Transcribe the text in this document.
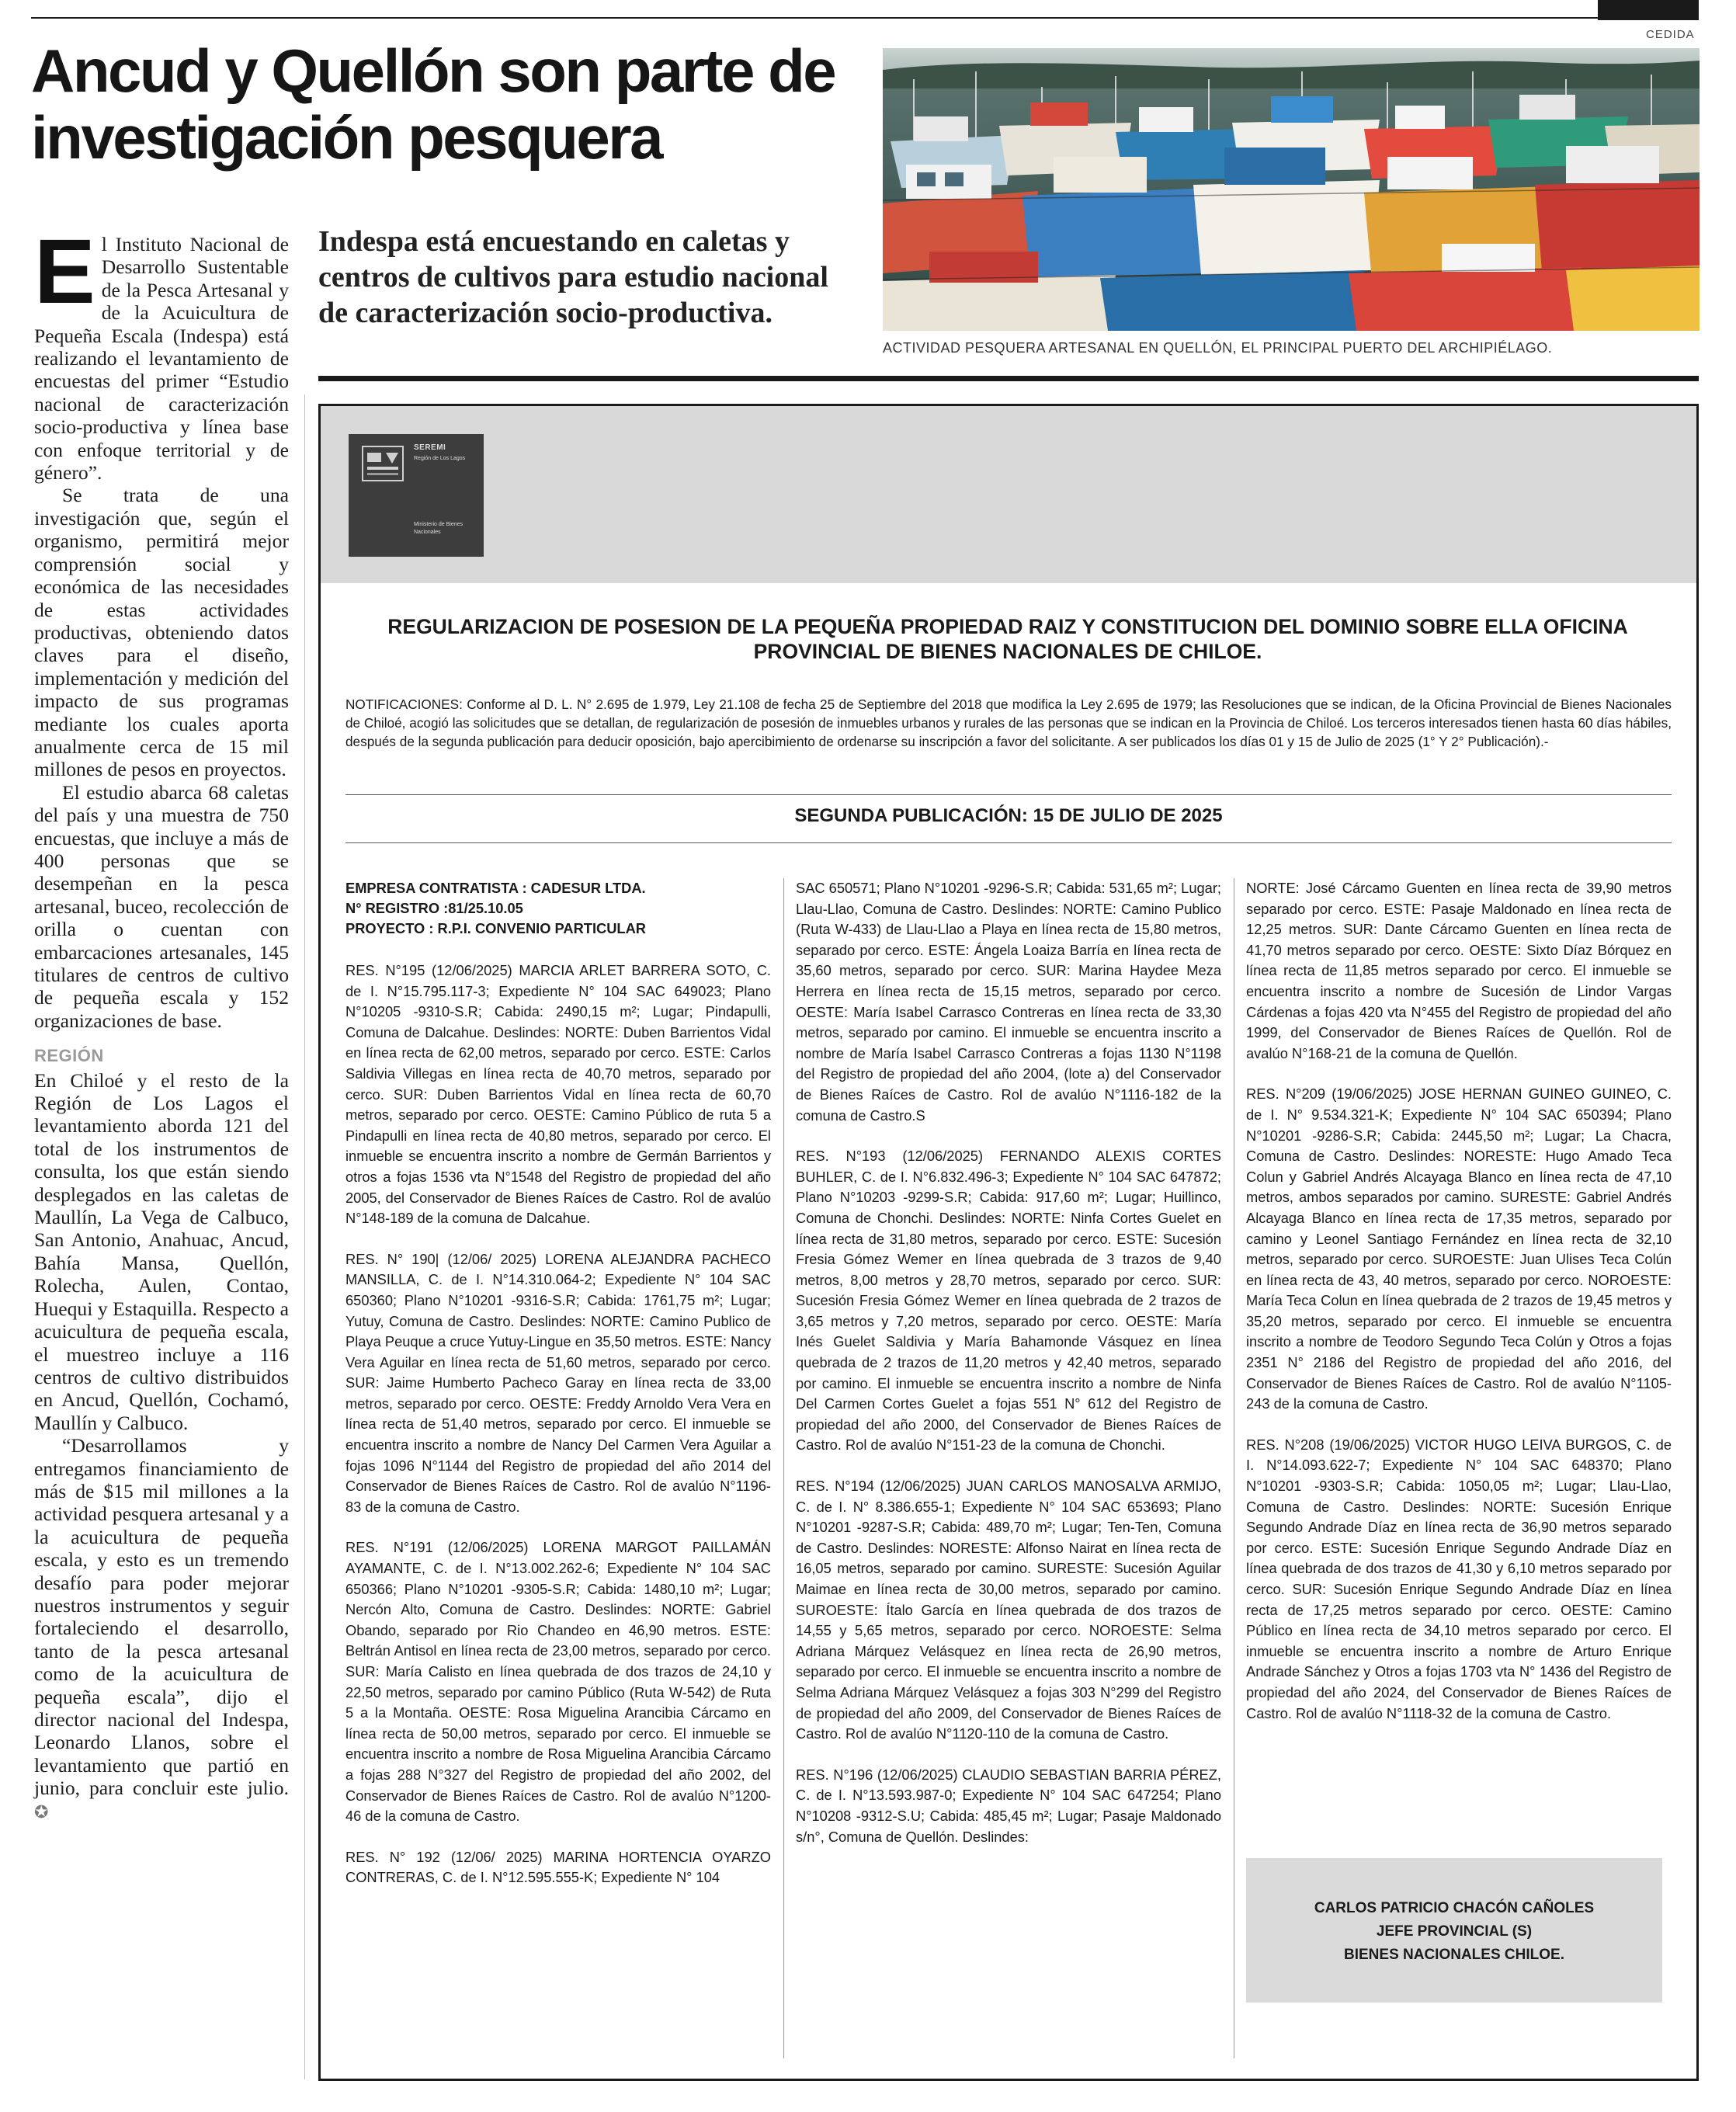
CEDIDA
Ancud y Quellón son parte de investigación pesquera
ACTIVIDAD PESQUERA ARTESANAL EN QUELLÓN, EL PRINCIPAL PUERTO DEL ARCHIPIÉLAGO.
Indespa está encuestando en caletas y centros de cultivos para estudio nacional de caracterización socio-productiva.

El Instituto Nacional de Desarrollo Sustentable de la Pesca Artesanal y de la Acuicultura de Pequeña Escala (Indespa) está realizando el levantamiento de encuestas del primer “Estudio nacional de caracterización socio-productiva y línea base con enfoque territorial y de género”.

Se trata de una investigación que, según el organismo, permitirá mejor comprensión social y económica de las necesidades de estas actividades productivas, obteniendo datos claves para el diseño, implementación y medición del impacto de sus programas mediante los cuales aporta anualmente cerca de 15 mil millones de pesos en proyectos.

El estudio abarca 68 caletas del país y una muestra de 750 encuestas, que incluye a más de 400 personas que se desempeñan en la pesca artesanal, buceo, recolección de orilla o cuentan con embarcaciones artesanales, 145 titulares de centros de cultivo de pequeña escala y 152 organizaciones de base.

REGIÓN

En Chiloé y el resto de la Región de Los Lagos el levantamiento aborda 121 del total de los instrumentos de consulta, los que están siendo desplegados en las caletas de Maullín, La Vega de Calbuco, San Antonio, Anahuac, Ancud, Bahía Mansa, Quellón, Rolecha, Aulen, Contao, Huequi y Estaquilla. Respecto a acuicultura de pequeña escala, el muestreo incluye a 116 centros de cultivo distribuidos en Ancud, Quellón, Cochamó, Maullín y Calbuco.

“Desarrollamos y entregamos financiamiento de más de $15 mil millones a la actividad pesquera artesanal y a la acuicultura de pequeña escala, y esto es un tremendo desafío para poder mejorar nuestros instrumentos y seguir fortaleciendo el desarrollo, tanto de la pesca artesanal como de la acuicultura de pequeña escala”, dijo el director nacional del Indespa, Leonardo Llanos, sobre el levantamiento que partió en junio, para concluir este julio. ✪

SEREMI
Región de Los Lagos
Ministerio de Bienes Nacionales
REGULARIZACION DE POSESION DE LA PEQUEÑA PROPIEDAD RAIZ Y CONSTITUCION DEL DOMINIO SOBRE ELLA OFICINA PROVINCIAL DE BIENES NACIONALES DE CHILOE.
NOTIFICACIONES: Conforme al D. L. N° 2.695 de 1.979, Ley 21.108 de fecha 25 de Septiembre del 2018 que modifica la Ley 2.695 de 1979; las Resoluciones que se indican, de la Oficina Provincial de Bienes Nacionales de Chiloé, acogió las solicitudes que se detallan, de regularización de posesión de inmuebles urbanos y rurales de las personas que se indican en la Provincia de Chiloé. Los terceros interesados tienen hasta 60 días hábiles, después de la segunda publicación para deducir oposición, bajo apercibimiento de ordenarse su inscripción a favor del solicitante. A ser publicados los días 01 y 15 de Julio de 2025 (1° Y 2° Publicación).-
SEGUNDA PUBLICACIÓN: 15 DE JULIO DE 2025
EMPRESA CONTRATISTA : CADESUR LTDA.
N° REGISTRO :81/25.10.05
PROYECTO : R.P.I. CONVENIO PARTICULAR

RES. N°195 (12/06/2025) MARCIA ARLET BARRERA SOTO, C. de I. N°15.795.117-3; Expediente N° 104 SAC 649023; Plano N°10205 -9310-S.R; Cabida: 2490,15 m²; Lugar; Pindapulli, Comuna de Dalcahue. Deslindes: NORTE: Duben Barrientos Vidal en línea recta de 62,00 metros, separado por cerco. ESTE: Carlos Saldivia Villegas en línea recta de 40,70 metros, separado por cerco. SUR: Duben Barrientos Vidal en línea recta de 60,70 metros, separado por cerco. OESTE: Camino Público de ruta 5 a Pindapulli en línea recta de 40,80 metros, separado por cerco. El inmueble se encuentra inscrito a nombre de Germán Barrientos y otros a fojas 1536 vta N°1548 del Registro de propiedad del año 2005, del Conservador de Bienes Raíces de Castro. Rol de avalúo N°148-189 de la comuna de Dalcahue.

RES. N° 190| (12/06/ 2025) LORENA ALEJANDRA PACHECO MANSILLA, C. de I. N°14.310.064-2; Expediente N° 104 SAC 650360; Plano N°10201 -9316-S.R; Cabida: 1761,75 m²; Lugar; Yutuy, Comuna de Castro. Deslindes: NORTE: Camino Publico de Playa Peuque a cruce Yutuy-Lingue en 35,50 metros. ESTE: Nancy Vera Aguilar en línea recta de 51,60 metros, separado por cerco. SUR: Jaime Humberto Pacheco Garay en línea recta de 33,00 metros, separado por cerco. OESTE: Freddy Arnoldo Vera Vera en línea recta de 51,40 metros, separado por cerco. El inmueble se encuentra inscrito a nombre de Nancy Del Carmen Vera Aguilar a fojas 1096 N°1144 del Registro de propiedad del año 2014 del Conservador de Bienes Raíces de Castro. Rol de avalúo N°1196-83 de la comuna de Castro.

RES. N°191 (12/06/2025) LORENA MARGOT PAILLAMÁN AYAMANTE, C. de I. N°13.002.262-6; Expediente N° 104 SAC 650366; Plano N°10201 -9305-S.R; Cabida: 1480,10 m²; Lugar; Nercón Alto, Comuna de Castro. Deslindes: NORTE: Gabriel Obando, separado por Rio Chandeo en 46,90 metros. ESTE: Beltrán Antisol en línea recta de 23,00 metros, separado por cerco. SUR: María Calisto en línea quebrada de dos trazos de 24,10 y 22,50 metros, separado por camino Público (Ruta W-542) de Ruta 5 a la Montaña. OESTE: Rosa Miguelina Arancibia Cárcamo en línea recta de 50,00 metros, separado por cerco. El inmueble se encuentra inscrito a nombre de Rosa Miguelina Arancibia Cárcamo a fojas 288 N°327 del Registro de propiedad del año 2002, del Conservador de Bienes Raíces de Castro. Rol de avalúo N°1200-46 de la comuna de Castro.

RES. N° 192 (12/06/ 2025) MARINA HORTENCIA OYARZO CONTRERAS, C. de I. N°12.595.555-K; Expediente N° 104

SAC 650571; Plano N°10201 -9296-S.R; Cabida: 531,65 m²; Lugar; Llau-Llao, Comuna de Castro. Deslindes: NORTE: Camino Publico (Ruta W-433) de Llau-Llao a Playa en línea recta de 15,80 metros, separado por cerco. ESTE: Ángela Loaiza Barría en línea recta de 35,60 metros, separado por cerco. SUR: Marina Haydee Meza Herrera en línea recta de 15,15 metros, separado por cerco. OESTE: María Isabel Carrasco Contreras en línea recta de 33,30 metros, separado por camino. El inmueble se encuentra inscrito a nombre de María Isabel Carrasco Contreras a fojas 1130 N°1198 del Registro de propiedad del año 2004, (lote a) del Conservador de Bienes Raíces de Castro. Rol de avalúo N°1116-182 de la comuna de Castro.S

RES. N°193 (12/06/2025) FERNANDO ALEXIS CORTES BUHLER, C. de I. N°6.832.496-3; Expediente N° 104 SAC 647872; Plano N°10203 -9299-S.R; Cabida: 917,60 m²; Lugar; Huillinco, Comuna de Chonchi. Deslindes: NORTE: Ninfa Cortes Guelet en línea recta de 31,80 metros, separado por cerco. ESTE: Sucesión Fresia Gómez Wemer en línea quebrada de 3 trazos de 9,40 metros, 8,00 metros y 28,70 metros, separado por cerco. SUR: Sucesión Fresia Gómez Wemer en línea quebrada de 2 trazos de 3,65 metros y 7,20 metros, separado por cerco. OESTE: María Inés Guelet Saldivia y María Bahamonde Vásquez en línea quebrada de 2 trazos de 11,20 metros y 42,40 metros, separado por camino. El inmueble se encuentra inscrito a nombre de Ninfa Del Carmen Cortes Guelet a fojas 551 N° 612 del Registro de propiedad del año 2000, del Conservador de Bienes Raíces de Castro. Rol de avalúo N°151-23 de la comuna de Chonchi.

RES. N°194 (12/06/2025) JUAN CARLOS MANOSALVA ARMIJO, C. de I. N° 8.386.655-1; Expediente N° 104 SAC 653693; Plano N°10201 -9287-S.R; Cabida: 489,70 m²; Lugar; Ten-Ten, Comuna de Castro. Deslindes: NORESTE: Alfonso Nairat en línea recta de 16,05 metros, separado por camino. SURESTE: Sucesión Aguilar Maimae en línea recta de 30,00 metros, separado por camino. SUROESTE: Ítalo García en línea quebrada de dos trazos de 14,55 y 5,65 metros, separado por cerco. NOROESTE: Selma Adriana Márquez Velásquez en línea recta de 26,90 metros, separado por cerco. El inmueble se encuentra inscrito a nombre de Selma Adriana Márquez Velásquez a fojas 303 N°299 del Registro de propiedad del año 2009, del Conservador de Bienes Raíces de Castro. Rol de avalúo N°1120-110 de la comuna de Castro.

RES. N°196 (12/06/2025) CLAUDIO SEBASTIAN BARRIA PÉREZ, C. de I. N°13.593.987-0; Expediente N° 104 SAC 647254; Plano N°10208 -9312-S.U; Cabida: 485,45 m²; Lugar; Pasaje Maldonado s/n°, Comuna de Quellón. Deslindes:

NORTE: José Cárcamo Guenten en línea recta de 39,90 metros separado por cerco. ESTE: Pasaje Maldonado en línea recta de 12,25 metros. SUR: Dante Cárcamo Guenten en línea recta de 41,70 metros separado por cerco. OESTE: Sixto Díaz Bórquez en línea recta de 11,85 metros separado por cerco. El inmueble se encuentra inscrito a nombre de Sucesión de Lindor Vargas Cárdenas a fojas 420 vta N°455 del Registro de propiedad del año 1999, del Conservador de Bienes Raíces de Quellón. Rol de avalúo N°168-21 de la comuna de Quellón.

RES. N°209 (19/06/2025) JOSE HERNAN GUINEO GUINEO, C. de I. N° 9.534.321-K; Expediente N° 104 SAC 650394; Plano N°10201 -9286-S.R; Cabida: 2445,50 m²; Lugar; La Chacra, Comuna de Castro. Deslindes: NORESTE: Hugo Amado Teca Colun y Gabriel Andrés Alcayaga Blanco en línea recta de 47,10 metros, ambos separados por camino. SURESTE: Gabriel Andrés Alcayaga Blanco en línea recta de 17,35 metros, separado por camino y Leonel Santiago Fernández en línea recta de 32,10 metros, separado por cerco. SUROESTE: Juan Ulises Teca Colún en línea recta de 43, 40 metros, separado por cerco. NOROESTE: María Teca Colun en línea quebrada de 2 trazos de 19,45 metros y 35,20 metros, separado por cerco. El inmueble se encuentra inscrito a nombre de Teodoro Segundo Teca Colún y Otros a fojas 2351 N° 2186 del Registro de propiedad del año 2016, del Conservador de Bienes Raíces de Castro. Rol de avalúo N°1105-243 de la comuna de Castro.

RES. N°208 (19/06/2025) VICTOR HUGO LEIVA BURGOS, C. de I. N°14.093.622-7; Expediente N° 104 SAC 648370; Plano N°10201 -9303-S.R; Cabida: 1050,05 m²; Lugar; Llau-Llao, Comuna de Castro. Deslindes: NORTE: Sucesión Enrique Segundo Andrade Díaz en línea recta de 36,90 metros separado por cerco. ESTE: Sucesión Enrique Segundo Andrade Díaz en línea quebrada de dos trazos de 41,30 y 6,10 metros separado por cerco. SUR: Sucesión Enrique Segundo Andrade Díaz en línea recta de 17,25 metros separado por cerco. OESTE: Camino Público en línea recta de 34,10 metros separado por cerco. El inmueble se encuentra inscrito a nombre de Arturo Enrique Andrade Sánchez y Otros a fojas 1703 vta N° 1436 del Registro de propiedad del año 2024, del Conservador de Bienes Raíces de Castro. Rol de avalúo N°1118-32 de la comuna de Castro.

CARLOS PATRICIO CHACÓN CAÑOLES
JEFE PROVINCIAL (S)
BIENES NACIONALES CHILOE.
